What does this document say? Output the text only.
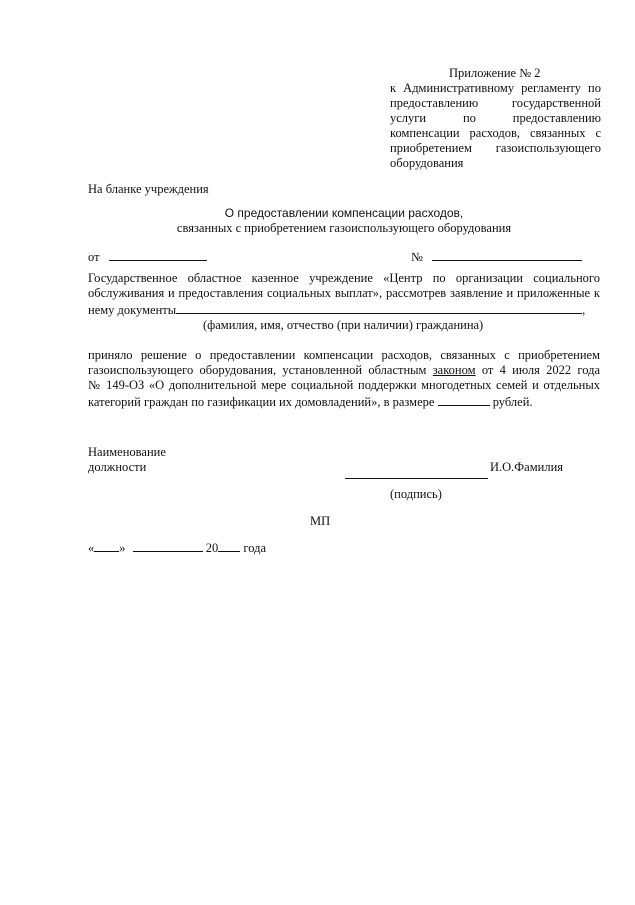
Приложение № 2
к Административному регламенту по
предоставлению государственной
услуги по предоставлению
компенсации расходов, связанных с
приобретением газоиспользующего
оборудования
На бланке учреждения
О предоставлении компенсации расходов,
связанных с приобретением газоиспользующего оборудования
от	№
Государственное областное казенное учреждение «Центр по организации социального
обслуживания и предоставления социальных выплат», рассмотрев заявление и приложенные к
нему документы	,
(фамилия, имя, отчество (при наличии) гражданина)
приняло решение о предоставлении компенсации расходов, связанных с приобретением
газоиспользующего оборудования, установленной областным законом от 4 июля 2022 года
№ 149-ОЗ «О дополнительной мере социальной поддержки многодетных семей и отдельных
категорий граждан по газификации их домовладений», в размере	рублей.
Наименование
должности	И.О.Фамилия
(подпись)
МП
« »	20 года
